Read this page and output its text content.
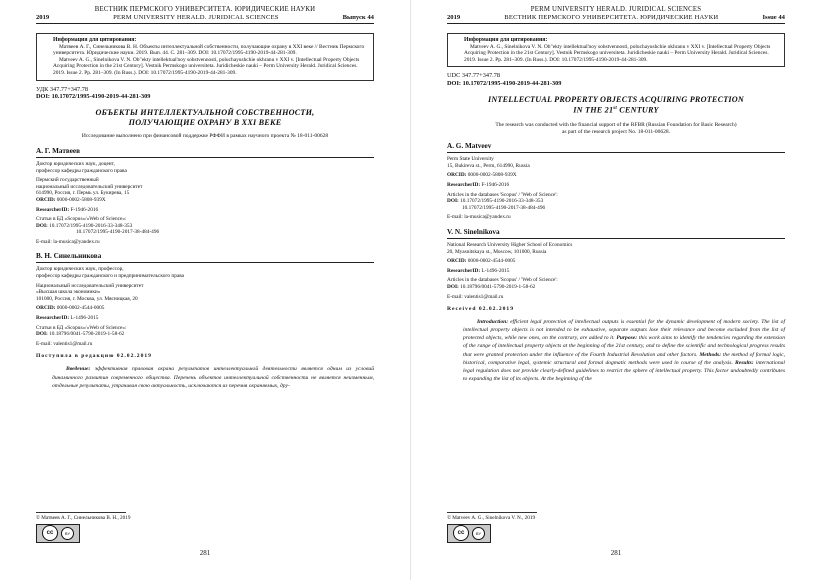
ВЕСТНИК ПЕРМСКОГО УНИВЕРСИТЕТА. ЮРИДИЧЕСКИЕ НАУКИ
2019	PERM UNIVERSITY HERALD. JURIDICAL SCIENCES	Выпуск 44
Информация для цитирования:

Матвеев А. Г., Синельникова В. Н. Объекты интеллектуальной собственности, получающие охрану в XXI веке // Вестник Пермского университета. Юридические науки. 2019. Вып. 44. C. 281–309. DOI: 10.17072/1995-4190-2019-44-281-309.

Matveev A. G., Sinelnikova V. N. Ob"ekty intellektual'noy sobstvennosti, poluchayushchie okhranu v XXI v. [Intellectual Property Objects Acquiring Protection in the 21st Century]. Vestnik Permskogo universiteta. Juridicheskie nauki – Perm University Herald. Juridical Sciences. 2019. Issue 2. Pp. 281–309. (In Russ.). DOI: 10.17072/1995-4190-2019-44-281-309.

УДК 347.77+347.78
DOI: 10.17072/1995-4190-2019-44-281-309
ОБЪЕКТЫ ИНТЕЛЛЕКТУАЛЬНОЙ СОБСТВЕННОСТИ,
ПОЛУЧАЮЩИЕ ОХРАНУ В XXI ВЕКЕ
Исследование выполнено при финансовой поддержке РФФИ в рамках научного проекта № 18-011-00628
А. Г. Матвеев
Доктор юридических наук, доцент,
профессор кафедры гражданского права
Пермский государственный
национальный исследовательский университет
614990, Россия, г. Пермь ул. Букирева, 15
ORCID: 0000-0002-5808-939X
ResearcherID: F-1946-2016
Статьи в БД «Scopus»/«Web of Science»:
DOI: 10.17072/1995-4190-2016-33-348-353
10.17072/1995-4190-2017-38-484-496
E-mail: la-musica@yandex.ru
В. Н. Синельникова
Доктор юридических наук, профессор,
профессор кафедры гражданского и предпринимательского права
Национальный исследовательский университет
«Высшая школа экономики»
101000, Россия, г. Москва, ул. Мясницкая, 20
ORCID: 0000-0002-4544-0005
ResearcherID: L-1496-2015
Статьи в БД «Scopus»/«Web of Science»:
DOI: 10.18796/0041-5790-2019-1-58-62
E-mail: valentis1@mail.ru
Поступила в редакцию 02.02.2019
Введение: эффективная правовая охрана результатов интеллектуальной деятельности является одним из условий динамичного развития современного общества. Перечень объектов интеллектуальной собственности не является неизменным, отдельные результаты, утрачивая свою актуальность, исключаются из перечня охраняемых, дру-
© Матвеев А. Г., Синельникова В. Н., 2019
cc	BY
281
PERM UNIVERSITY HERALD. JURIDICAL SCIENCES
2019	ВЕСТНИК ПЕРМСКОГО УНИВЕРСИТЕТА. ЮРИДИЧЕСКИЕ НАУКИ	Issue 44
Информация для цитирования:

Matveev A. G., Sinelnikova V. N. Ob"ekty intellektual'noy sobstvennosti, poluchayushchie okhranu v XXI v. [Intellectual Property Objects Acquiring Protection in the 21st Century]. Vestnik Permskogo universiteta. Juridicheskie nauki – Perm University Herald. Juridical Sciences. 2019. Issue 2. Pp. 281–309. (In Russ.). DOI: 10.17072/1995-4190-2019-44-281-309.

UDC 347.77+347.78
DOI: 10.17072/1995-4190-2019-44-281-309
INTELLECTUAL PROPERTY OBJECTS ACQUIRING PROTECTION
IN THE 21st CENTURY
The research was conducted with the financial support of the RFBR (Russian Foundation for Basic Research)
as part of the research project No. 18-011-00628.
A. G. Matveev
Perm State University
15, Bukireva st., Perm, 614990, Russia
ORCID: 0000-0002-5808-939X
ResearcherID: F-1946-2016
Articles in the databases 'Scopus' / 'Web of Science':
DOI: 10.17072/1995-4190-2016-33-348-353
10.17072/1995-4190-2017-38-484-496
E-mail: la-musica@yandex.ru
V. N. Sinelnikova
National Research University Higher School of Economics
20, Myasnitskaya st., Moscow, 101000, Russia
ORCID: 0000-0002-4544-0005
ResearcherID: L-1496-2015
Articles in the databases 'Scopus' / 'Web of Science':
DOI: 10.18796/0041-5790-2019-1-58-62
E-mail: valentis1@mail.ru
Received 02.02.2019
Introduction: efficient legal protection of intellectual outputs is essential for the dynamic development of modern society. The list of intellectual property objects is not intended to be exhaustive, separate outputs lose their relevance and become excluded from the list of protected objects, while new ones, on the contrary, are added to it. Purpose: this work aims to identify the tendencies regarding the extension of the range of intellectual property objects at the beginning of the 21st century, and to define the scientific and technological progress results that were granted protection under the influence of the Fourth Industrial Revolution and other factors. Methods: the method of formal logic, historical, comparative legal, systemic structural and formal dogmatic methods were used in course of the analysis. Results: international legal regulation does not provide clearly-defined guidelines to restrict the sphere of intellectual property. This factor undoubtedly contributes to expanding the list of its objects. At the beginning of the
© Matveev A. G., Sinelnikova V. N., 2019
cc	BY
281
